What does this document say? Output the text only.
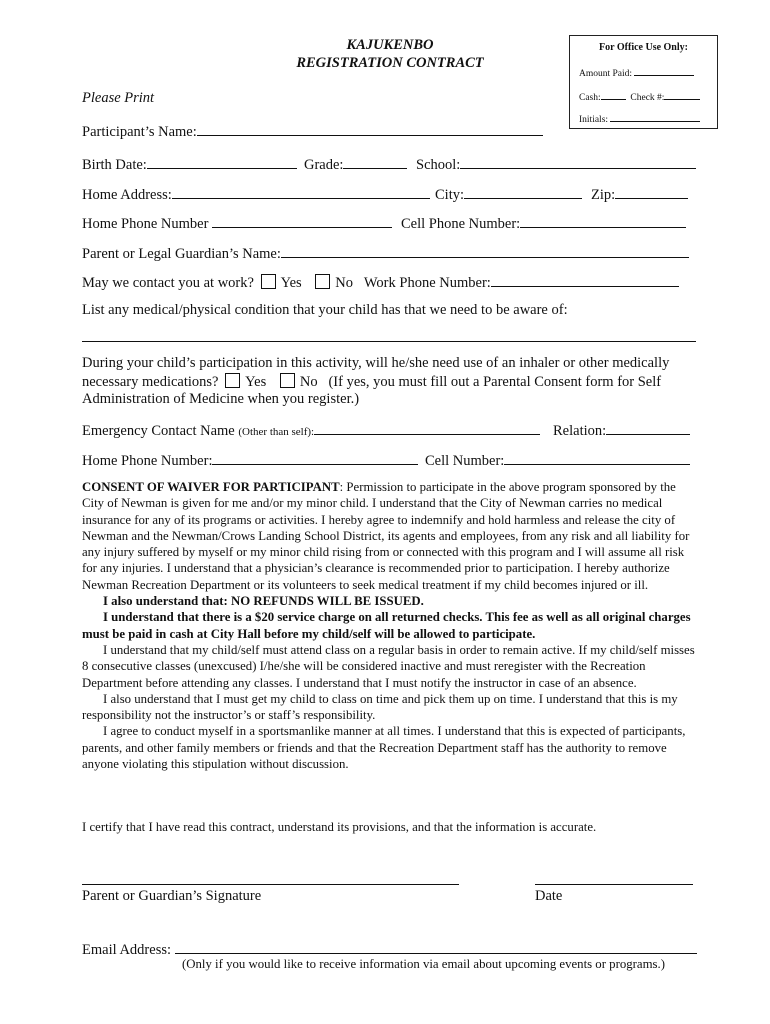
KAJUKENBO
REGISTRATION CONTRACT
Please Print
For Office Use Only:
Amount Paid:
Cash:	Check #:
Initials:
Participant’s Name:
Birth Date:	Grade:	School:
Home Address:	City:	Zip:
Home Phone Number	Cell Phone Number:
Parent or Legal Guardian’s Name:
May we contact you at work? Yes No Work Phone Number:
List any medical/physical condition that your child has that we need to be aware of:
During your child’s participation in this activity, will he/she need use of an inhaler or other medically
necessary medications? Yes No (If yes, you must fill out a Parental Consent form for Self
Administration of Medicine when you register.)
Emergency Contact Name (Other than self):	Relation:
Home Phone Number:	Cell Number:

CONSENT OF WAIVER FOR PARTICIPANT: Permission to participate in the above program sponsored by the City of Newman is given for me and/or my minor child. I understand that the City of Newman carries no medical insurance for any of its programs or activities. I hereby agree to indemnify and hold harmless and release the city of Newman and the Newman/Crows Landing School District, its agents and employees, from any risk and all liability for any injury suffered by myself or my minor child rising from or connected with this program and I will assume all risk for any injuries. I understand that a physician’s clearance is recommended prior to participation. I hereby authorize Newman Recreation Department or its volunteers to seek medical treatment if my child becomes injured or ill.

I also understand that: NO REFUNDS WILL BE ISSUED.

I understand that there is a $20 service charge on all returned checks. This fee as well as all original charges must be paid in cash at City Hall before my child/self will be allowed to participate.

I understand that my child/self must attend class on a regular basis in order to remain active. If my child/self misses 8 consecutive classes (unexcused) I/he/she will be considered inactive and must reregister with the Recreation Department before attending any classes. I understand that I must notify the instructor in case of an absence.

I also understand that I must get my child to class on time and pick them up on time. I understand that this is my responsibility not the instructor’s or staff’s responsibility.

I agree to conduct myself in a sportsmanlike manner at all times. I understand that this is expected of participants, parents, and other family members or friends and that the Recreation Department staff has the authority to remove anyone violating this stipulation without discussion.

I certify that I have read this contract, understand its provisions, and that the information is accurate.
Parent or Guardian’s Signature	Date
Email Address:
(Only if you would like to receive information via email about upcoming events or programs.)
